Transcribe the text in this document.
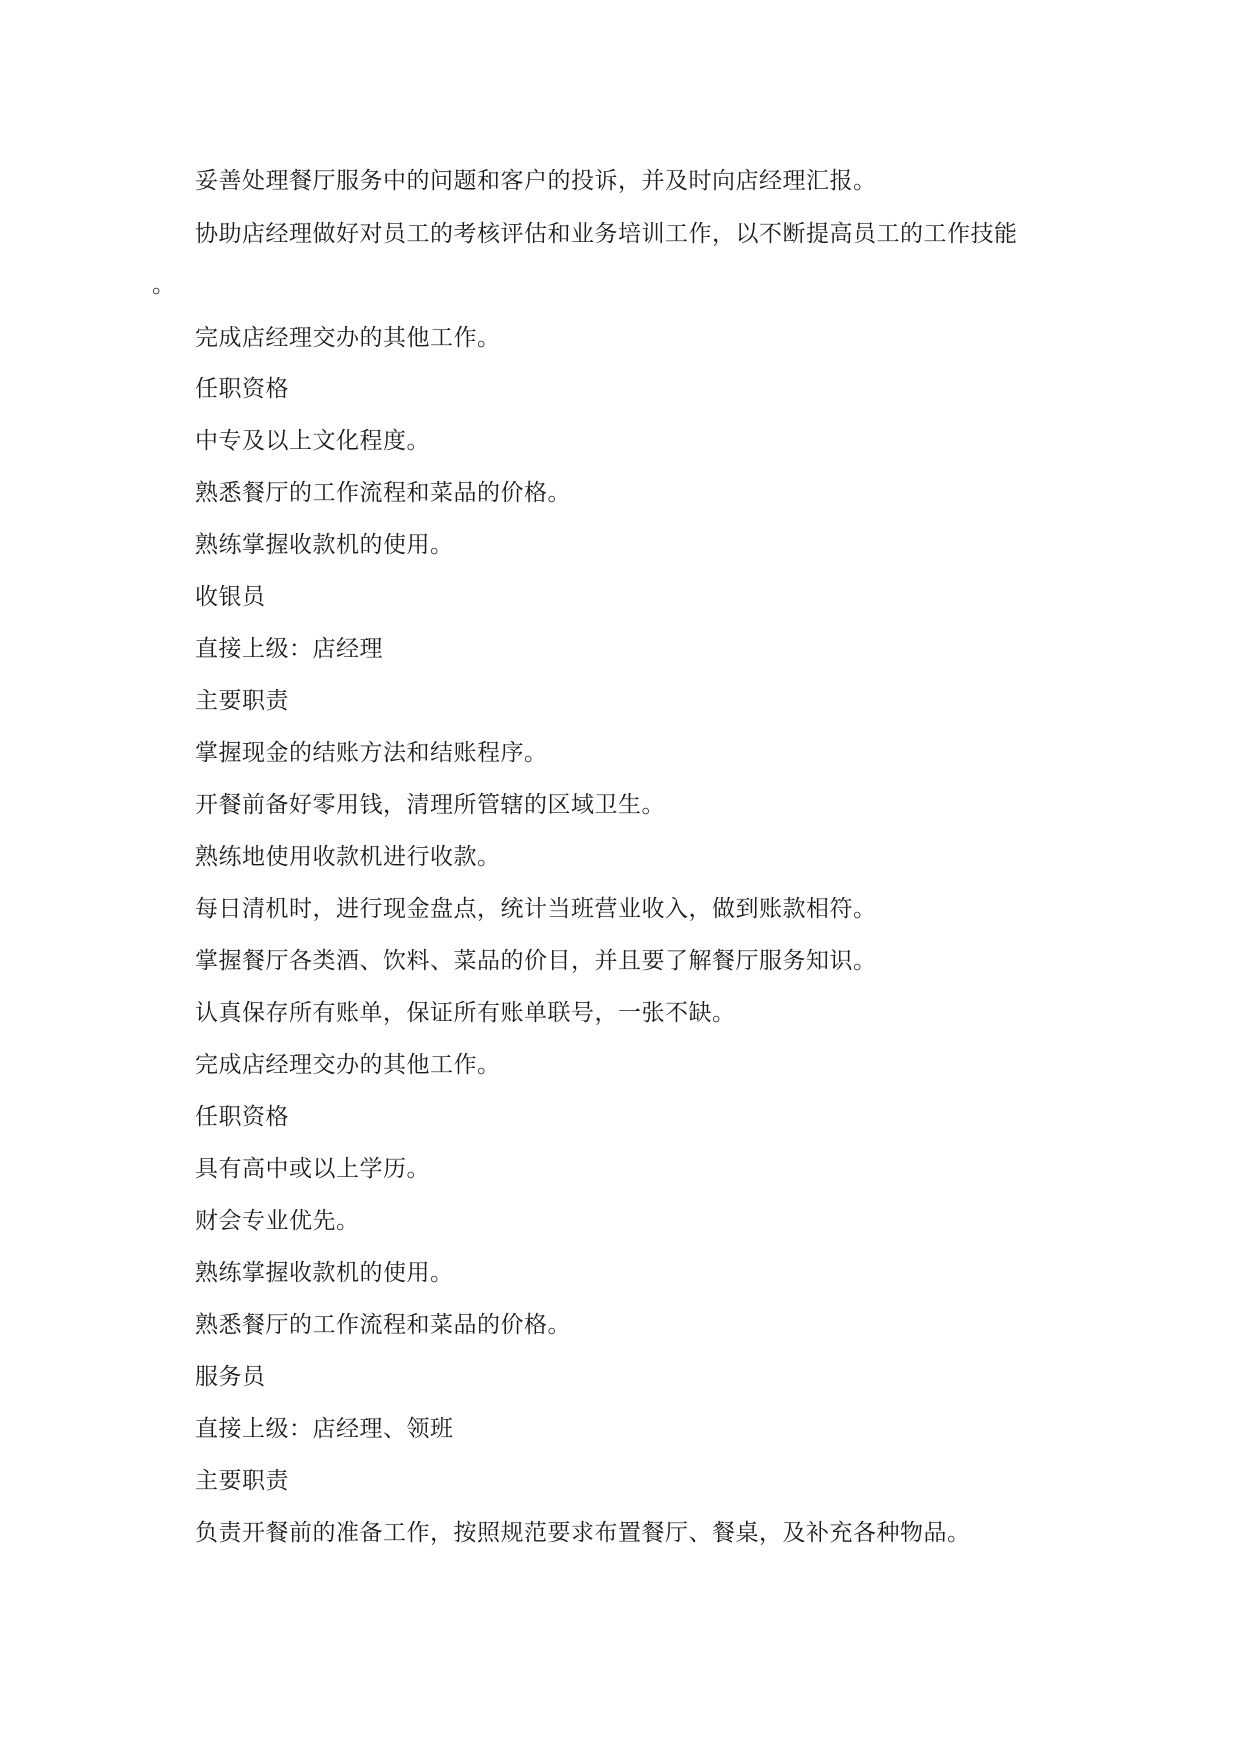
妥善处理餐厅服务中的问题和客户的投诉，并及时向店经理汇报。
协助店经理做好对员工的考核评估和业务培训工作，以不断提高员工的工作技能
。
完成店经理交办的其他工作。
任职资格
中专及以上文化程度。
熟悉餐厅的工作流程和菜品的价格。
熟练掌握收款机的使用。
收银员
直接上级：店经理
主要职责
掌握现金的结账方法和结账程序。
开餐前备好零用钱，清理所管辖的区域卫生。
熟练地使用收款机进行收款。
每日清机时，进行现金盘点，统计当班营业收入，做到账款相符。
掌握餐厅各类酒、饮料、菜品的价目，并且要了解餐厅服务知识。
认真保存所有账单，保证所有账单联号，一张不缺。
完成店经理交办的其他工作。
任职资格
具有高中或以上学历。
财会专业优先。
熟练掌握收款机的使用。
熟悉餐厅的工作流程和菜品的价格。
服务员
直接上级：店经理、领班
主要职责
负责开餐前的准备工作，按照规范要求布置餐厅、餐桌，及补充各种物品。
